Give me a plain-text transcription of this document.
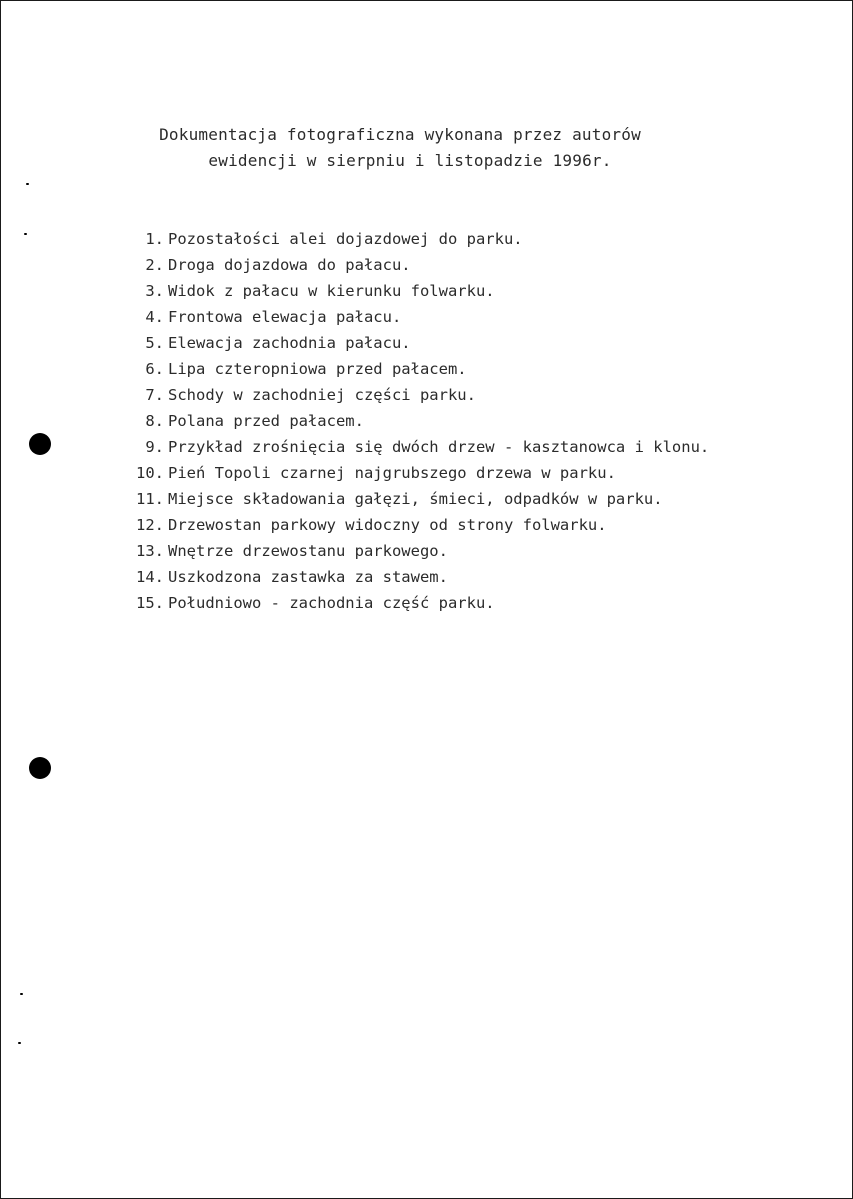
Dokumentacja fotograficzna wykonana przez autorów
ewidencji w sierpniu i listopadzie 1996r.
1. Pozostałości alei dojazdowej do parku.
2. Droga dojazdowa do pałacu.
3. Widok z pałacu w kierunku folwarku.
4. Frontowa elewacja pałacu.
5. Elewacja zachodnia pałacu.
6. Lipa czteropniowa przed pałacem.
7. Schody w zachodniej części parku.
8. Polana przed pałacem.
9. Przykład zrośnięcia się dwóch drzew - kasztanowca i klonu.
10. Pień Topoli czarnej najgrubszego drzewa w parku.
11. Miejsce składowania gałęzi, śmieci, odpadków w parku.
12. Drzewostan parkowy widoczny od strony folwarku.
13. Wnętrze drzewostanu parkowego.
14. Uszkodzona zastawka za stawem.
15. Południowo - zachodnia część parku.
